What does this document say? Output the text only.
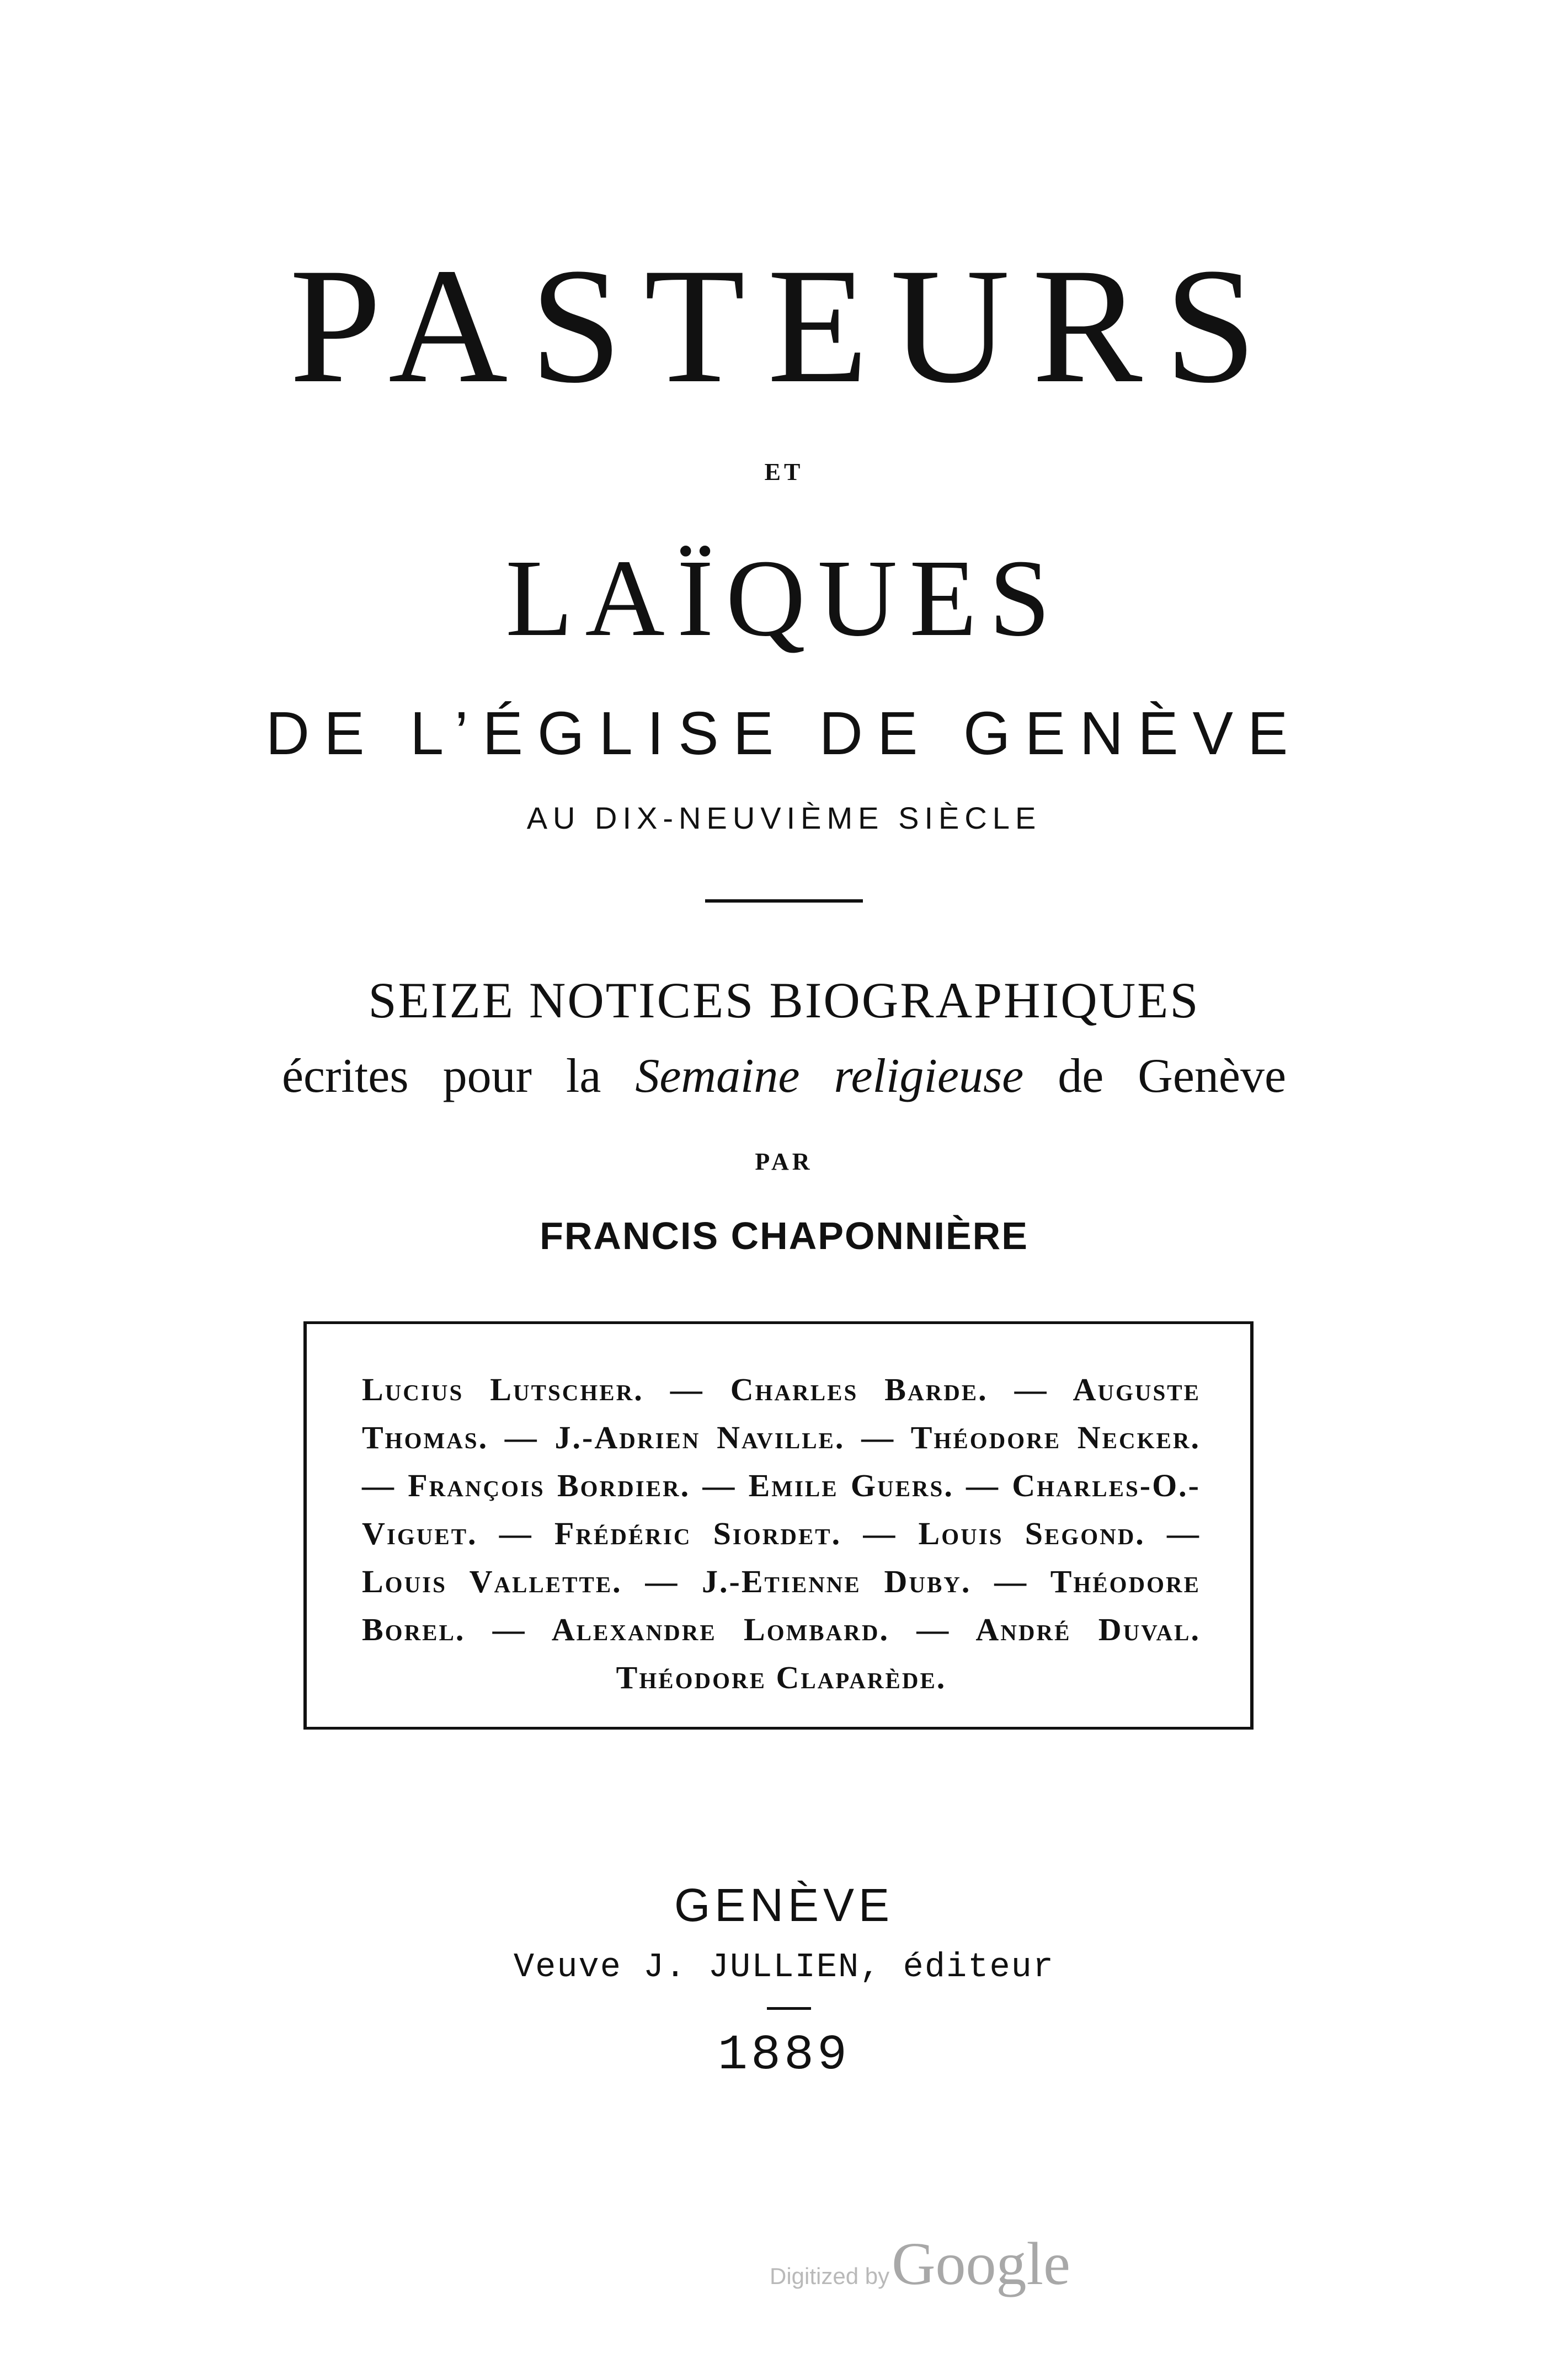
PASTEURS
ET
LAÏQUES
DE L’ÉGLISE DE GENÈVE
AU DIX-NEUVIÈME SIÈCLE
SEIZE NOTICES BIOGRAPHIQUES
écrites pour la Semaine religieuse de Genève
PAR
FRANCIS CHAPONNIÈRE
Lucius Lutscher. — Charles Barde. — Auguste Thomas. — J.-Adrien Naville. — Théodore Necker. — François Bordier. — Emile Guers. — Charles-O.-Viguet. — Frédéric Siordet. — Louis Segond. — Louis Vallette. — J.-Etienne Duby. — Théodore Borel. — Alexandre Lombard. — André Duval. Théodore Claparède.
GENÈVE
Veuve J. JULLIEN, éditeur
1889
Digitized by Google
